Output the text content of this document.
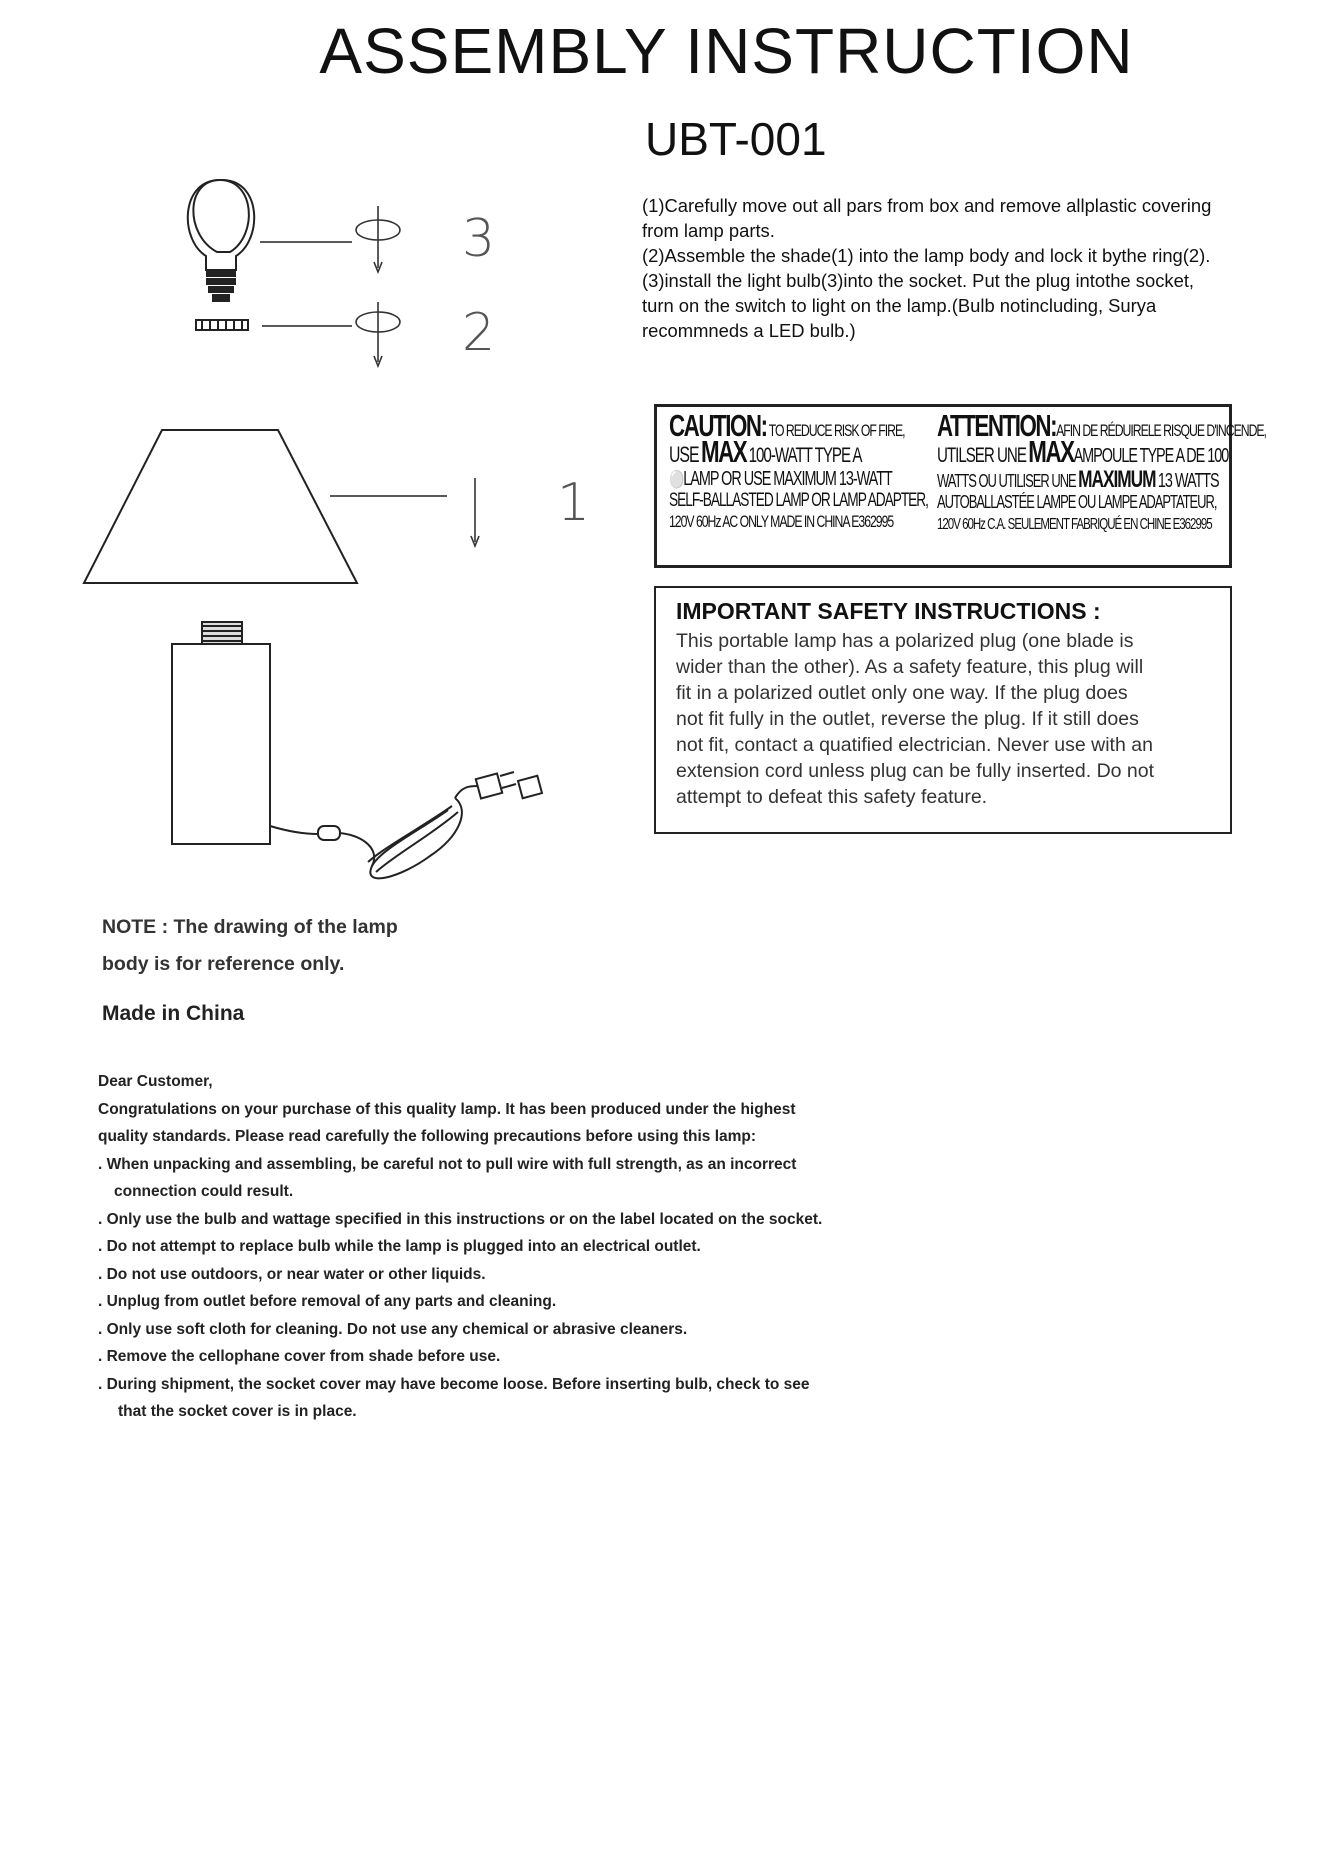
ASSEMBLY INSTRUCTION
UBT-001
(1)Carefully move out all pars from box and remove allplastic covering
from lamp parts.
(2)Assemble the shade(1) into the lamp body and lock it bythe ring(2).
(3)install the light bulb(3)into the socket. Put the plug intothe socket,
turn on the switch to light on the lamp.(Bulb notincluding, Surya
recommneds a LED bulb.)
3
2
1
CAUTION: TO REDUCE RISK OF FIRE,
USE MAX 100-WATT TYPE A
⚪LAMP OR USE MAXIMUM 13-WATT
SELF-BALLASTED LAMP OR LAMP ADAPTER,
120V 60Hz AC ONLY MADE IN CHINA E362995
ATTENTION:AFIN DE RÉDUIRELE RISQUE D'INCENDE,
UTILSER UNE MAXAMPOULE TYPE A DE 100
WATTS OU UTILISER UNE MAXIMUM 13 WATTS
AUTOBALLASTÉE LAMPE OU LAMPE ADAPTATEUR,
120V 60Hz C.A. SEULEMENT FABRIQUÉ EN CHINE E362995
IMPORTANT SAFETY INSTRUCTIONS :
This portable lamp has a polarized plug (one blade is
wider than the other). As a safety feature, this plug will
fit in a polarized outlet only one way. If the plug does
not fit fully in the outlet, reverse the plug. If it still does
not fit, contact a quatified electrician. Never use with an
extension cord unless plug can be fully inserted. Do not
attempt to defeat this safety feature.
NOTE : The drawing of the lamp
body is for reference only.
Made in China
Dear Customer,
Congratulations on your purchase of this quality lamp. It has been produced under the highest
quality standards. Please read carefully the following precautions before using this lamp:
. When unpacking and assembling, be careful not to pull wire with full strength, as an incorrect
connection could result.
. Only use the bulb and wattage specified in this instructions or on the label located on the socket.
. Do not attempt to replace bulb while the lamp is plugged into an electrical outlet.
. Do not use outdoors, or near water or other liquids.
. Unplug from outlet before removal of any parts and cleaning.
. Only use soft cloth for cleaning. Do not use any chemical or abrasive cleaners.
. Remove the cellophane cover from shade before use.
. During shipment, the socket cover may have become loose. Before inserting bulb, check to see
that the socket cover is in place.
